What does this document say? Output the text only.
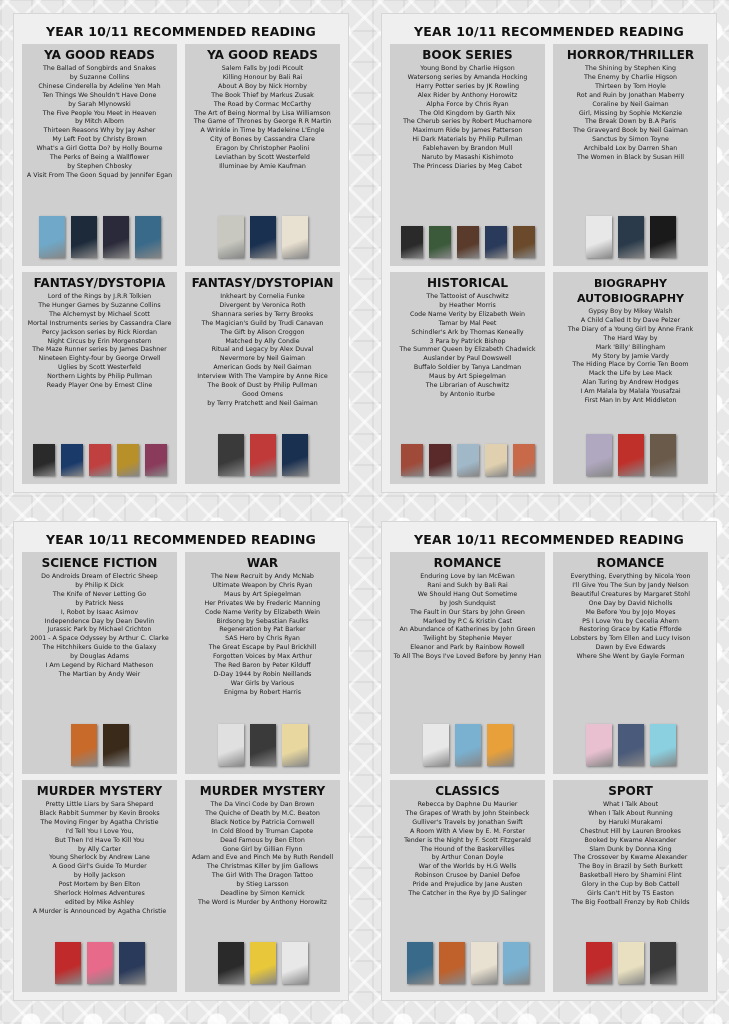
YEAR 10/11 RECOMMENDED READING
YA GOOD READS
The Ballad of Songbirds and Snakes
by Suzanne Collins
Chinese Cinderella by Adeline Yen Mah
Ten Things We Shouldn't Have Done
by Sarah Mlynowski
The Five People You Meet in Heaven
by Mitch Albom
Thirteen Reasons Why by Jay Asher
My Left Foot by Christy Brown
What's a Girl Gotta Do? by Holly Bourne
The Perks of Being a Wallflower
by Stephen Chbosky
A Visit From The Goon Squad by Jennifer Egan
YA GOOD READS
Salem Falls by Jodi Picoult
Killing Honour by Bali Rai
About A Boy by Nick Hornby
The Book Thief by Markus Zusak
The Road by Cormac McCarthy
The Art of Being Normal by Lisa Williamson
The Game of Thrones by George R R Martin
A Wrinkle in Time by Madeleine L'Engle
City of Bones by Cassandra Clare
Eragon by Christopher Paolini
Leviathan by Scott Westerfeld
Illuminae by Amie Kaufman
FANTASY/DYSTOPIA
Lord of the Rings by J.R.R Tolkien
The Hunger Games by Suzanne Collins
The Alchemyst by Michael Scott
Mortal Instruments series by Cassandra Clare
Percy Jackson series by Rick Riordan
Night Circus by Erin Morgenstern
The Maze Runner series by James Dashner
Nineteen Eighty-four by George Orwell
Uglies by Scott Westerfeld
Northern Lights by Philip Pullman
Ready Player One by Ernest Cline
FANTASY/DYSTOPIAN
Inkheart by Cornelia Funke
Divergent by Veronica Roth
Shannara series by Terry Brooks
The Magician's Guild by Trudi Canavan
The Gift by Alison Croggon
Matched by Ally Condie
Ritual and Legacy by Alex Duval
Nevermore by Neil Gaiman
American Gods by Neil Gaiman
Interview With The Vampire by Anne Rice
The Book of Dust by Philip Pullman
Good Omens
by Terry Pratchett and Neil Gaiman
YEAR 10/11 RECOMMENDED READING
BOOK SERIES
Young Bond by Charlie Higson
Watersong series by Amanda Hocking
Harry Potter series by JK Rowling
Alex Rider by Anthony Horowitz
Alpha Force by Chris Ryan
The Old Kingdom by Garth Nix
The Cherub series by Robert Muchamore
Maximum Ride by James Patterson
Hi Dark Materials by Philip Pullman
Fablehaven by Brandon Mull
Naruto by Masashi Kishimoto
The Princess Diaries by Meg Cabot
HORROR/THRILLER
The Shining by Stephen King
The Enemy by Charlie Higson
Thirteen by Tom Hoyle
Rot and Ruin by Jonathan Maberry
Coraline by Neil Gaiman
Girl, Missing by Sophie McKenzie
The Break Down by B.A Paris
The Graveyard Book by Neil Gaiman
Sanctus by Simon Toyne
Archibald Lox by Darren Shan
The Women in Black by Susan Hill
HISTORICAL
The Tattooist of Auschwitz
by Heather Morris
Code Name Verity by Elizabeth Wein
Tamar by Mal Peet
Schindler's Ark by Thomas Keneally
3 Para by Patrick Bishop
The Summer Queen by Elizabeth Chadwick
Auslander by Paul Dowswell
Buffalo Soldier by Tanya Landman
Maus by Art Spiegelman
The Librarian of Auschwitz
by Antonio Iturbe
BIOGRAPHY AUTOBIOGRAPHY
Gypsy Boy by Mikey Walsh
A Child Called It by Dave Pelzer
The Diary of a Young Girl by Anne Frank
The Hard Way by
Mark 'Billy' Billingham
My Story by Jamie Vardy
The Hiding Place by Corrie Ten Boom
Mack the Life by Lee Mack
Alan Turing by Andrew Hodges
I Am Malala by Malala Yousafzai
First Man In by Ant Middleton
YEAR 10/11 RECOMMENDED READING
SCIENCE FICTION
Do Androids Dream of Electric Sheep
by Philip K Dick
The Knife of Never Letting Go
by Patrick Ness
I, Robot by Isaac Asimov
Independence Day by Dean Devlin
Jurassic Park by Michael Crichton
2001 - A Space Odyssey by Arthur C. Clarke
The Hitchhikers Guide to the Galaxy
by Douglas Adams
I Am Legend by Richard Matheson
The Martian by Andy Weir
WAR
The New Recruit by Andy McNab
Ultimate Weapon by Chris Ryan
Maus by Art Spiegelman
Her Privates We by Frederic Manning
Code Name Verity by Elizabeth Wein
Birdsong by Sebastian Faulks
Regeneration by Pat Barker
SAS Hero by Chris Ryan
The Great Escape by Paul Brickhill
Forgotten Voices by Max Arthur
The Red Baron by Peter Kilduff
D-Day 1944 by Robin Neillands
War Girls by Various
Enigma by Robert Harris
MURDER MYSTERY
Pretty Little Liars by Sara Shepard
Black Rabbit Summer by Kevin Brooks
The Moving Finger by Agatha Christie
I'd Tell You I Love You,
But Then I'd Have To Kill You
by Ally Carter
Young Sherlock by Andrew Lane
A Good Girl's Guide To Murder
by Holly Jackson
Post Mortem by Ben Elton
Sherlock Holmes Adventures
edited by Mike Ashley
A Murder is Announced by Agatha Christie
MURDER MYSTERY
The Da Vinci Code by Dan Brown
The Quiche of Death by M.C. Beaton
Black Notice by Patricia Cornwell
In Cold Blood by Truman Capote
Dead Famous by Ben Elton
Gone Girl by Gillian Flynn
Adam and Eve and Pinch Me by Ruth Rendell
The Christmas Killer by Jim Gallows
The Girl With The Dragon Tattoo
by Stieg Larsson
Deadline by Simon Kernick
The Word is Murder by Anthony Horowitz
YEAR 10/11 RECOMMENDED READING
ROMANCE
Enduring Love by Ian McEwan
Rani and Sukh by Bali Rai
We Should Hang Out Sometime
by Josh Sundquist
The Fault in Our Stars by John Green
Marked by P.C & Kristin Cast
An Abundance of Katherines by John Green
Twilight by Stephenie Meyer
Eleanor and Park by Rainbow Rowell
To All The Boys I've Loved Before by Jenny Han
ROMANCE
Everything, Everything by Nicola Yoon
I'll Give You The Sun by Jandy Nelson
Beautiful Creatures by Margaret Stohl
One Day by David Nicholls
Me Before You by JoJo Moyes
PS I Love You by Cecelia Ahern
Restoring Grace by Katie Ffforde
Lobsters by Tom Ellen and Lucy Ivison
Dawn by Eve Edwards
Where She Went by Gayle Forman
CLASSICS
Rebecca by Daphne Du Maurier
The Grapes of Wrath by John Steinbeck
Gulliver's Travels by Jonathan Swift
A Room With A View by E. M. Forster
Tender is the Night by F. Scott Fitzgerald
The Hound of the Baskervilles
by Arthur Conan Doyle
War of the Worlds by H.G Wells
Robinson Crusoe by Daniel Defoe
Pride and Prejudice by Jane Austen
The Catcher in the Rye by JD Salinger
SPORT
What I Talk About
When I Talk About Running
by Haruki Murakami
Chestnut Hill by Lauren Brookes
Booked by Kwame Alexander
Slam Dunk by Donna King
The Crossover by Kwame Alexander
The Boy in Brazil by Seth Burkett
Basketball Hero by Shamini Flint
Glory in the Cup by Bob Cattell
Girls Can't Hit by TS Easton
The Big Football Frenzy by Rob Childs
